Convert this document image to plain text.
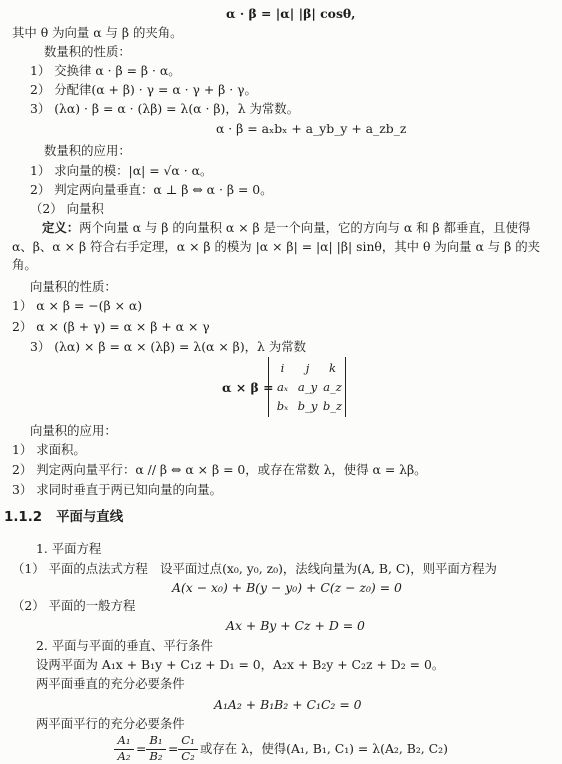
α · β = |α| |β| cosθ,
其中 θ 为向量 α 与 β 的夹角。
数量积的性质：
1） 交换律 α · β = β · α。
2） 分配律(α + β) · γ = α · γ + β · γ。
3） (λα) · β = α · (λβ) = λ(α · β)，λ 为常数。
α · β = aₓbₓ + a_yb_y + a_zb_z
数量积的应用：
1） 求向量的模：|α| = √α · α。
2） 判定两向量垂直：α ⊥ β ⇔ α · β = 0。
（2） 向量积
定义：两个向量 α 与 β 的向量积 α × β 是一个向量，它的方向与 α 和 β 都垂直，且使得 α、β、α × β 符合右手定理，α × β 的模为 |α × β| = |α| |β| sinθ，其中 θ 为向量 α 与 β 的夹角。
向量积的性质：
1） α × β = −(β × α)
2） α × (β + γ) = α × β + α × γ
3） (λα) × β = α × (λβ) = λ(α × β)，λ 为常数
α × β =
i	j	k
aₓ a_y a_z
bₓ b_y b_z
向量积的应用：
1） 求面积。
2） 判定两向量平行：α // β ⇔ α × β = 0，或存在常数 λ，使得 α = λβ。
3） 求同时垂直于两已知向量的向量。
1.1.2 平面与直线
1. 平面方程
（1） 平面的点法式方程　设平面过点(x₀, y₀, z₀)，法线向量为(A, B, C)，则平面方程为
A(x − x₀) + B(y − y₀) + C(z − z₀) = 0
（2） 平面的一般方程
Ax + By + Cz + D = 0
2. 平面与平面的垂直、平行条件
设两平面为 A₁x + B₁y + C₁z + D₁ = 0，A₂x + B₂y + C₂z + D₂ = 0。
两平面垂直的充分必要条件
A₁A₂ + B₁B₂ + C₁C₂ = 0
两平面平行的充分必要条件
A₁
A₂ =
B₁
B₂ =
C₁
C₂ 或存在 λ，使得(A₁, B₁, C₁) = λ(A₂, B₂, C₂)
